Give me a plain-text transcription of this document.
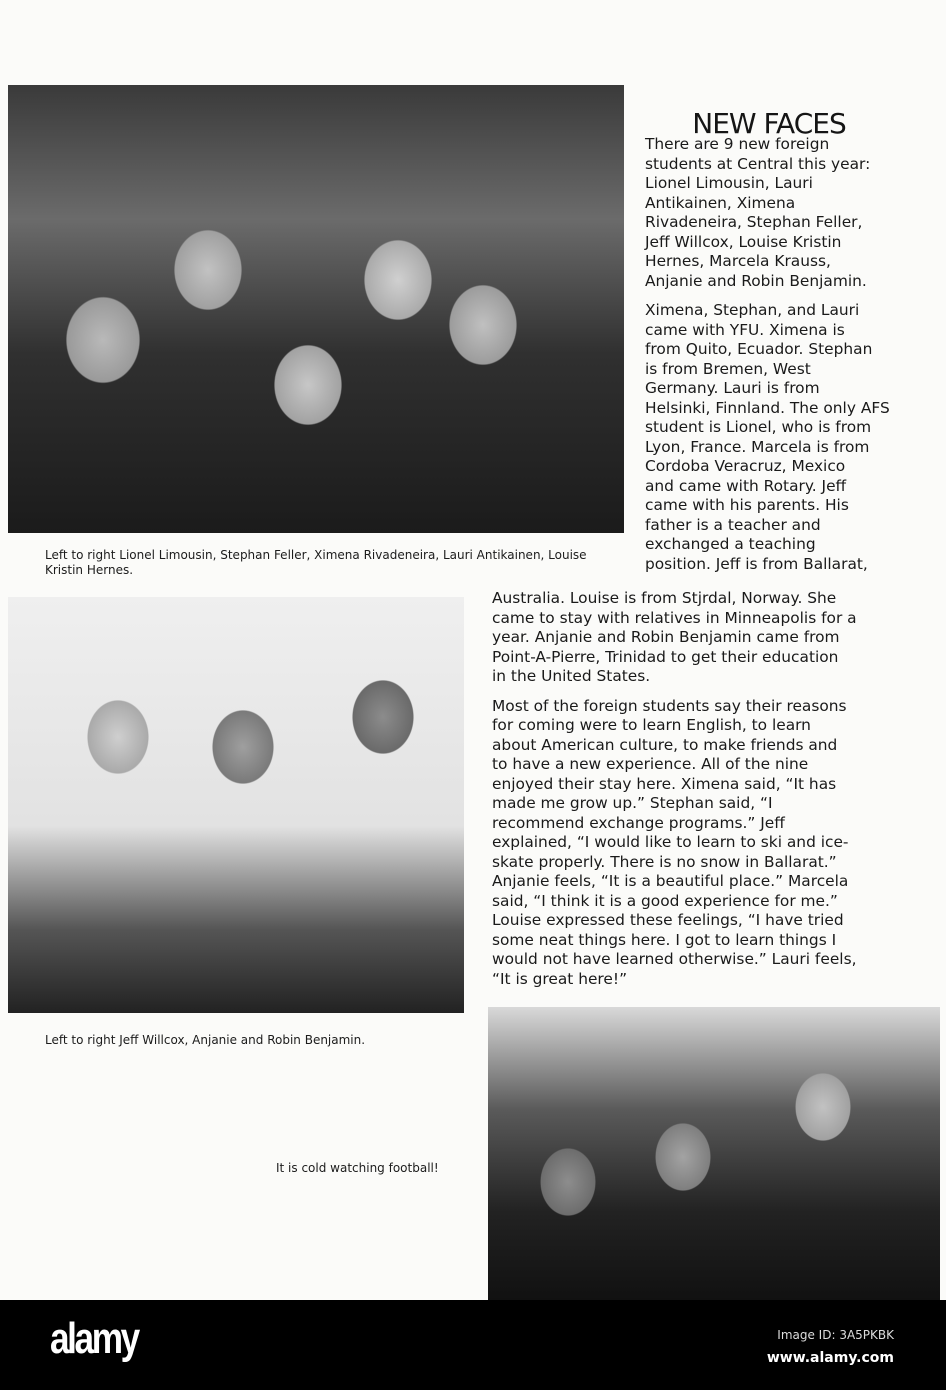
NEW FACES
There are 9 new foreign
students at Central this year:
Lionel Limousin, Lauri
Antikainen, Ximena
Rivadeneira, Stephan Feller,
Jeff Willcox, Louise Kristin
Hernes, Marcela Krauss,
Anjanie and Robin Benjamin.
Ximena, Stephan, and Lauri
came with YFU. Ximena is
from Quito, Ecuador. Stephan
is from Bremen, West
Germany. Lauri is from
Helsinki, Finnland. The only AFS
student is Lionel, who is from
Lyon, France. Marcela is from
Cordoba Veracruz, Mexico
and came with Rotary. Jeff
came with his parents. His
father is a teacher and
exchanged a teaching
position. Jeff is from Ballarat,
Australia. Louise is from Stjrdal, Norway. She
came to stay with relatives in Minneapolis for a
year. Anjanie and Robin Benjamin came from
Point-A-Pierre, Trinidad to get their education
in the United States.
Most of the foreign students say their reasons
for coming were to learn English, to learn
about American culture, to make friends and
to have a new experience. All of the nine
enjoyed their stay here. Ximena said, “It has
made me grow up.” Stephan said, “I
recommend exchange programs.” Jeff
explained, “I would like to learn to ski and ice-
skate properly. There is no snow in Ballarat.”
Anjanie feels, “It is a beautiful place.” Marcela
said, “I think it is a good experience for me.”
Louise expressed these feelings, “I have tried
some neat things here. I got to learn things I
would not have learned otherwise.” Lauri feels,
“It is great here!”
Left to right Lionel Limousin, Stephan Feller, Ximena Rivadeneira, Lauri Antikainen, Louise
Kristin Hernes.
Left to right Jeff Willcox, Anjanie and Robin Benjamin.
It is cold watching football!
alamy	Image ID: 3A5PKBK
www.alamy.com
